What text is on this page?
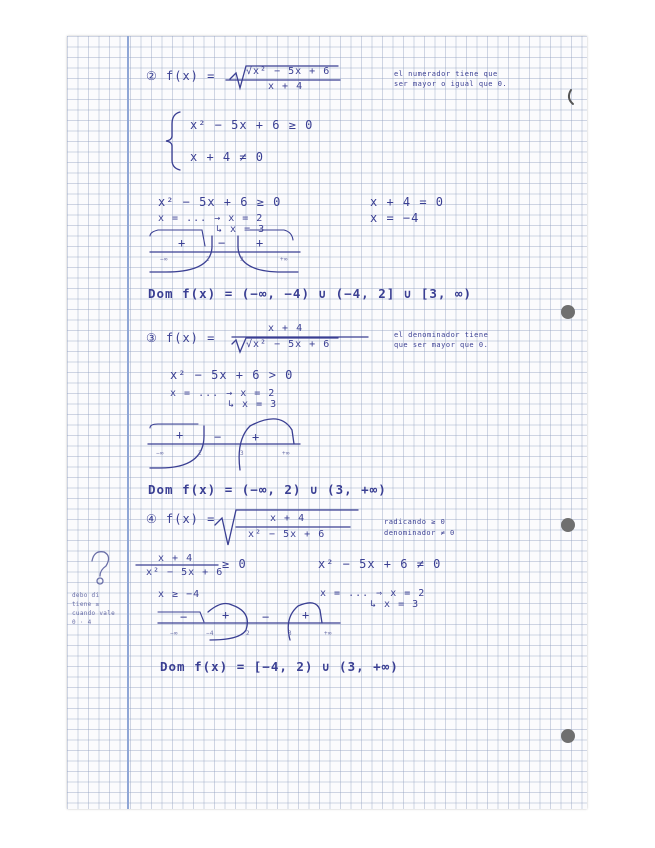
② f(x) =	√x² − 5x + 6
x + 4
el numerador tiene que
ser mayor o igual que 0.
x² − 5x + 6 ≥ 0
x + 4 ≠ 0
x² − 5x + 6 ≥ 0
x = ... → x = 2
↳ x = 3
x + 4 = 0
x = −4
+	− +
−∞	2	3	+∞
Dom f(x) = (−∞, −4) ∪ (−4, 2] ∪ [3, ∞)
③ f(x) =
x + 4
√x² − 5x + 6
el denominador tiene
que ser mayor que 0.
x² − 5x + 6 > 0
x = ... → x = 2
↳ x = 3
+ − +
−∞	2	3	+∞
Dom f(x) = (−∞, 2) ∪ (3, +∞)
④ f(x) =	x + 4
x² − 5x + 6
radicando ≥ 0
denominador ≠ 0
x + 4
x² − 5x + 6
≥ 0	x² − 5x + 6 ≠ 0
x ≥ −4	x = ... ⇒ x = 2
↳ x = 3
debo di
tiene ≥
cuando vale
0 · 4	−	+	−	+
−∞	−4	2	3	+∞
Dom f(x) = [−4, 2) ∪ (3, +∞)
